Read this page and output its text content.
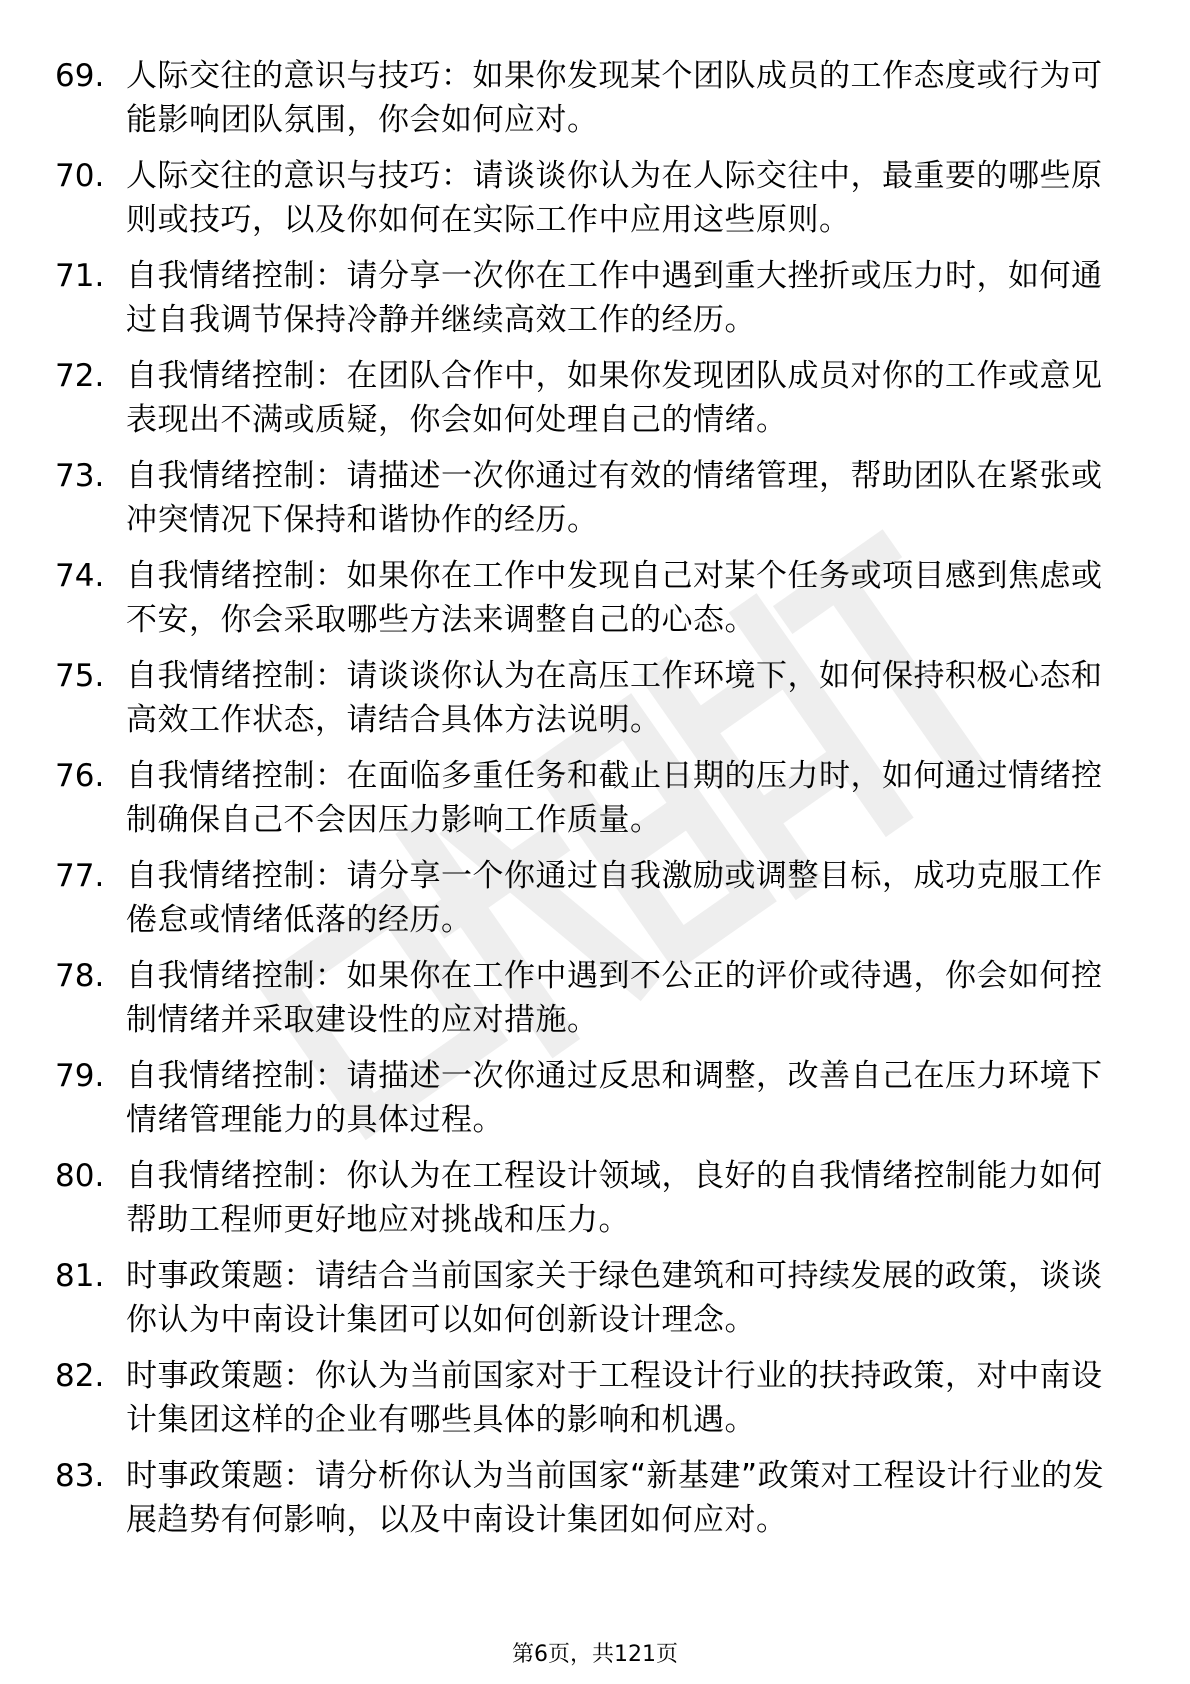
69. 人际交往的意识与技巧：如果你发现某个团队成员的工作态度或行为可能影响团队氛围，你会如何应对。
70. 人际交往的意识与技巧：请谈谈你认为在人际交往中，最重要的哪些原则或技巧，以及你如何在实际工作中应用这些原则。
71. 自我情绪控制：请分享一次你在工作中遇到重大挫折或压力时，如何通过自我调节保持冷静并继续高效工作的经历。
72. 自我情绪控制：在团队合作中，如果你发现团队成员对你的工作或意见表现出不满或质疑，你会如何处理自己的情绪。
73. 自我情绪控制：请描述一次你通过有效的情绪管理，帮助团队在紧张或冲突情况下保持和谐协作的经历。
74. 自我情绪控制：如果你在工作中发现自己对某个任务或项目感到焦虑或不安，你会采取哪些方法来调整自己的心态。
75. 自我情绪控制：请谈谈你认为在高压工作环境下，如何保持积极心态和高效工作状态，请结合具体方法说明。
76. 自我情绪控制：在面临多重任务和截止日期的压力时，如何通过情绪控制确保自己不会因压力影响工作质量。
77. 自我情绪控制：请分享一个你通过自我激励或调整目标，成功克服工作倦怠或情绪低落的经历。
78. 自我情绪控制：如果你在工作中遇到不公正的评价或待遇，你会如何控制情绪并采取建设性的应对措施。
79. 自我情绪控制：请描述一次你通过反思和调整，改善自己在压力环境下情绪管理能力的具体过程。
80. 自我情绪控制：你认为在工程设计领域，良好的自我情绪控制能力如何帮助工程师更好地应对挑战和压力。
81. 时事政策题：请结合当前国家关于绿色建筑和可持续发展的政策，谈谈你认为中南设计集团可以如何创新设计理念。
82. 时事政策题：你认为当前国家对于工程设计行业的扶持政策，对中南设计集团这样的企业有哪些具体的影响和机遇。
83. 时事政策题：请分析你认为当前国家“新基建”政策对工程设计行业的发展趋势有何影响，以及中南设计集团如何应对。
第6页，共121页
